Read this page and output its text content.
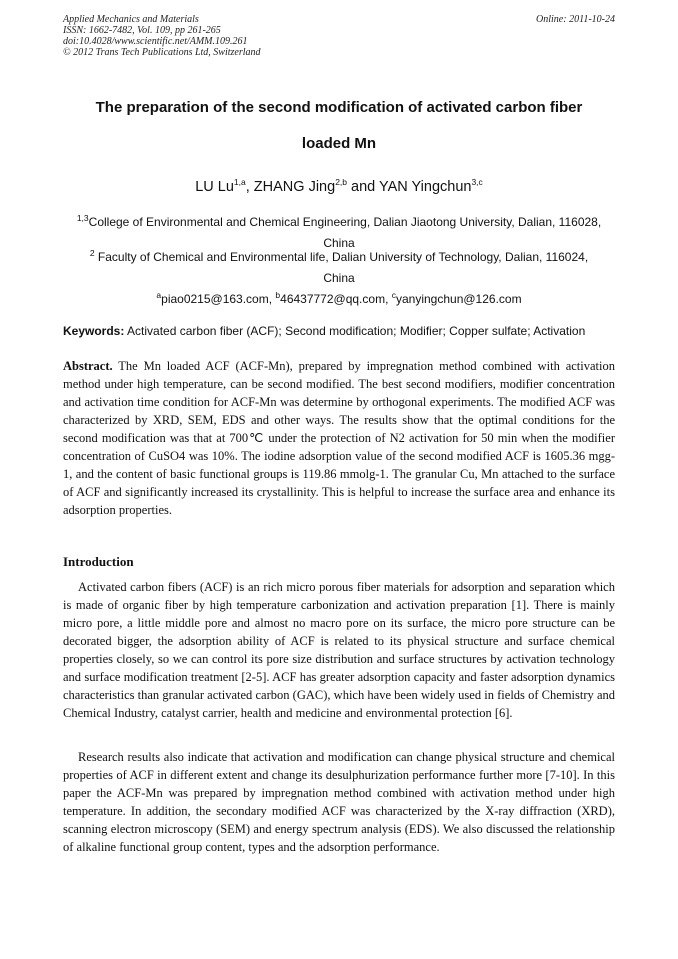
Applied Mechanics and Materials
ISSN: 1662-7482, Vol. 109, pp 261-265
doi:10.4028/www.scientific.net/AMM.109.261
© 2012 Trans Tech Publications Ltd, Switzerland
Online: 2011-10-24
The preparation of the second modification of activated carbon fiber
loaded Mn
LU Lu$^{1,a}$, ZHANG Jing$^{2,b}$ and YAN Yingchun$^{3,c}$
$^{1,3}$College of Environmental and Chemical Engineering, Dalian Jiaotong University, Dalian, 116028,
China
$^2$ Faculty of Chemical and Environmental life, Dalian University of Technology, Dalian, 116024,
China
$^a$piao0215@163.com, $^b$46437772@qq.com, $^c$yanyingchun@126.com
Keywords: Activated carbon fiber (ACF); Second modification; Modifier; Copper sulfate; Activation
Abstract. The Mn loaded ACF (ACF-Mn), prepared by impregnation method combined with activation method under high temperature, can be second modified. The best second modifiers, modifier concentration and activation time condition for ACF-Mn was determine by orthogonal experiments. The modified ACF was characterized by XRD, SEM, EDS and other ways. The results show that the optimal conditions for the second modification was that at 700℃ under the protection of N2 activation for 50 min when the modifier concentration of CuSO4 was 10%. The iodine adsorption value of the second modified ACF is 1605.36 mgg-1, and the content of basic functional groups is 119.86 mmolg-1. The granular Cu, Mn attached to the surface of ACF and significantly increased its crystallinity. This is helpful to increase the surface area and enhance its adsorption properties.
Introduction
Activated carbon fibers (ACF) is an rich micro porous fiber materials for adsorption and separation which is made of organic fiber by high temperature carbonization and activation preparation [1]. There is mainly micro pore, a little middle pore and almost no macro pore on its surface, the micro pore structure can be decorated bigger, the adsorption ability of ACF is related to its physical structure and surface chemical properties closely, so we can control its pore size distribution and surface structures by activation technology and surface modification treatment [2-5]. ACF has greater adsorption capacity and faster adsorption dynamics characteristics than granular activated carbon (GAC), which have been widely used in fields of Chemistry and Chemical Industry, catalyst carrier, health and medicine and environmental protection [6].
Research results also indicate that activation and modification can change physical structure and chemical properties of ACF in different extent and change its desulphurization performance further more [7-10]. In this paper the ACF-Mn was prepared by impregnation method combined with activation method under high temperature. In addition, the secondary modified ACF was characterized by the X-ray diffraction (XRD), scanning electron microscopy (SEM) and energy spectrum analysis (EDS). We also discussed the relationship of alkaline functional group content, types and the adsorption performance.
